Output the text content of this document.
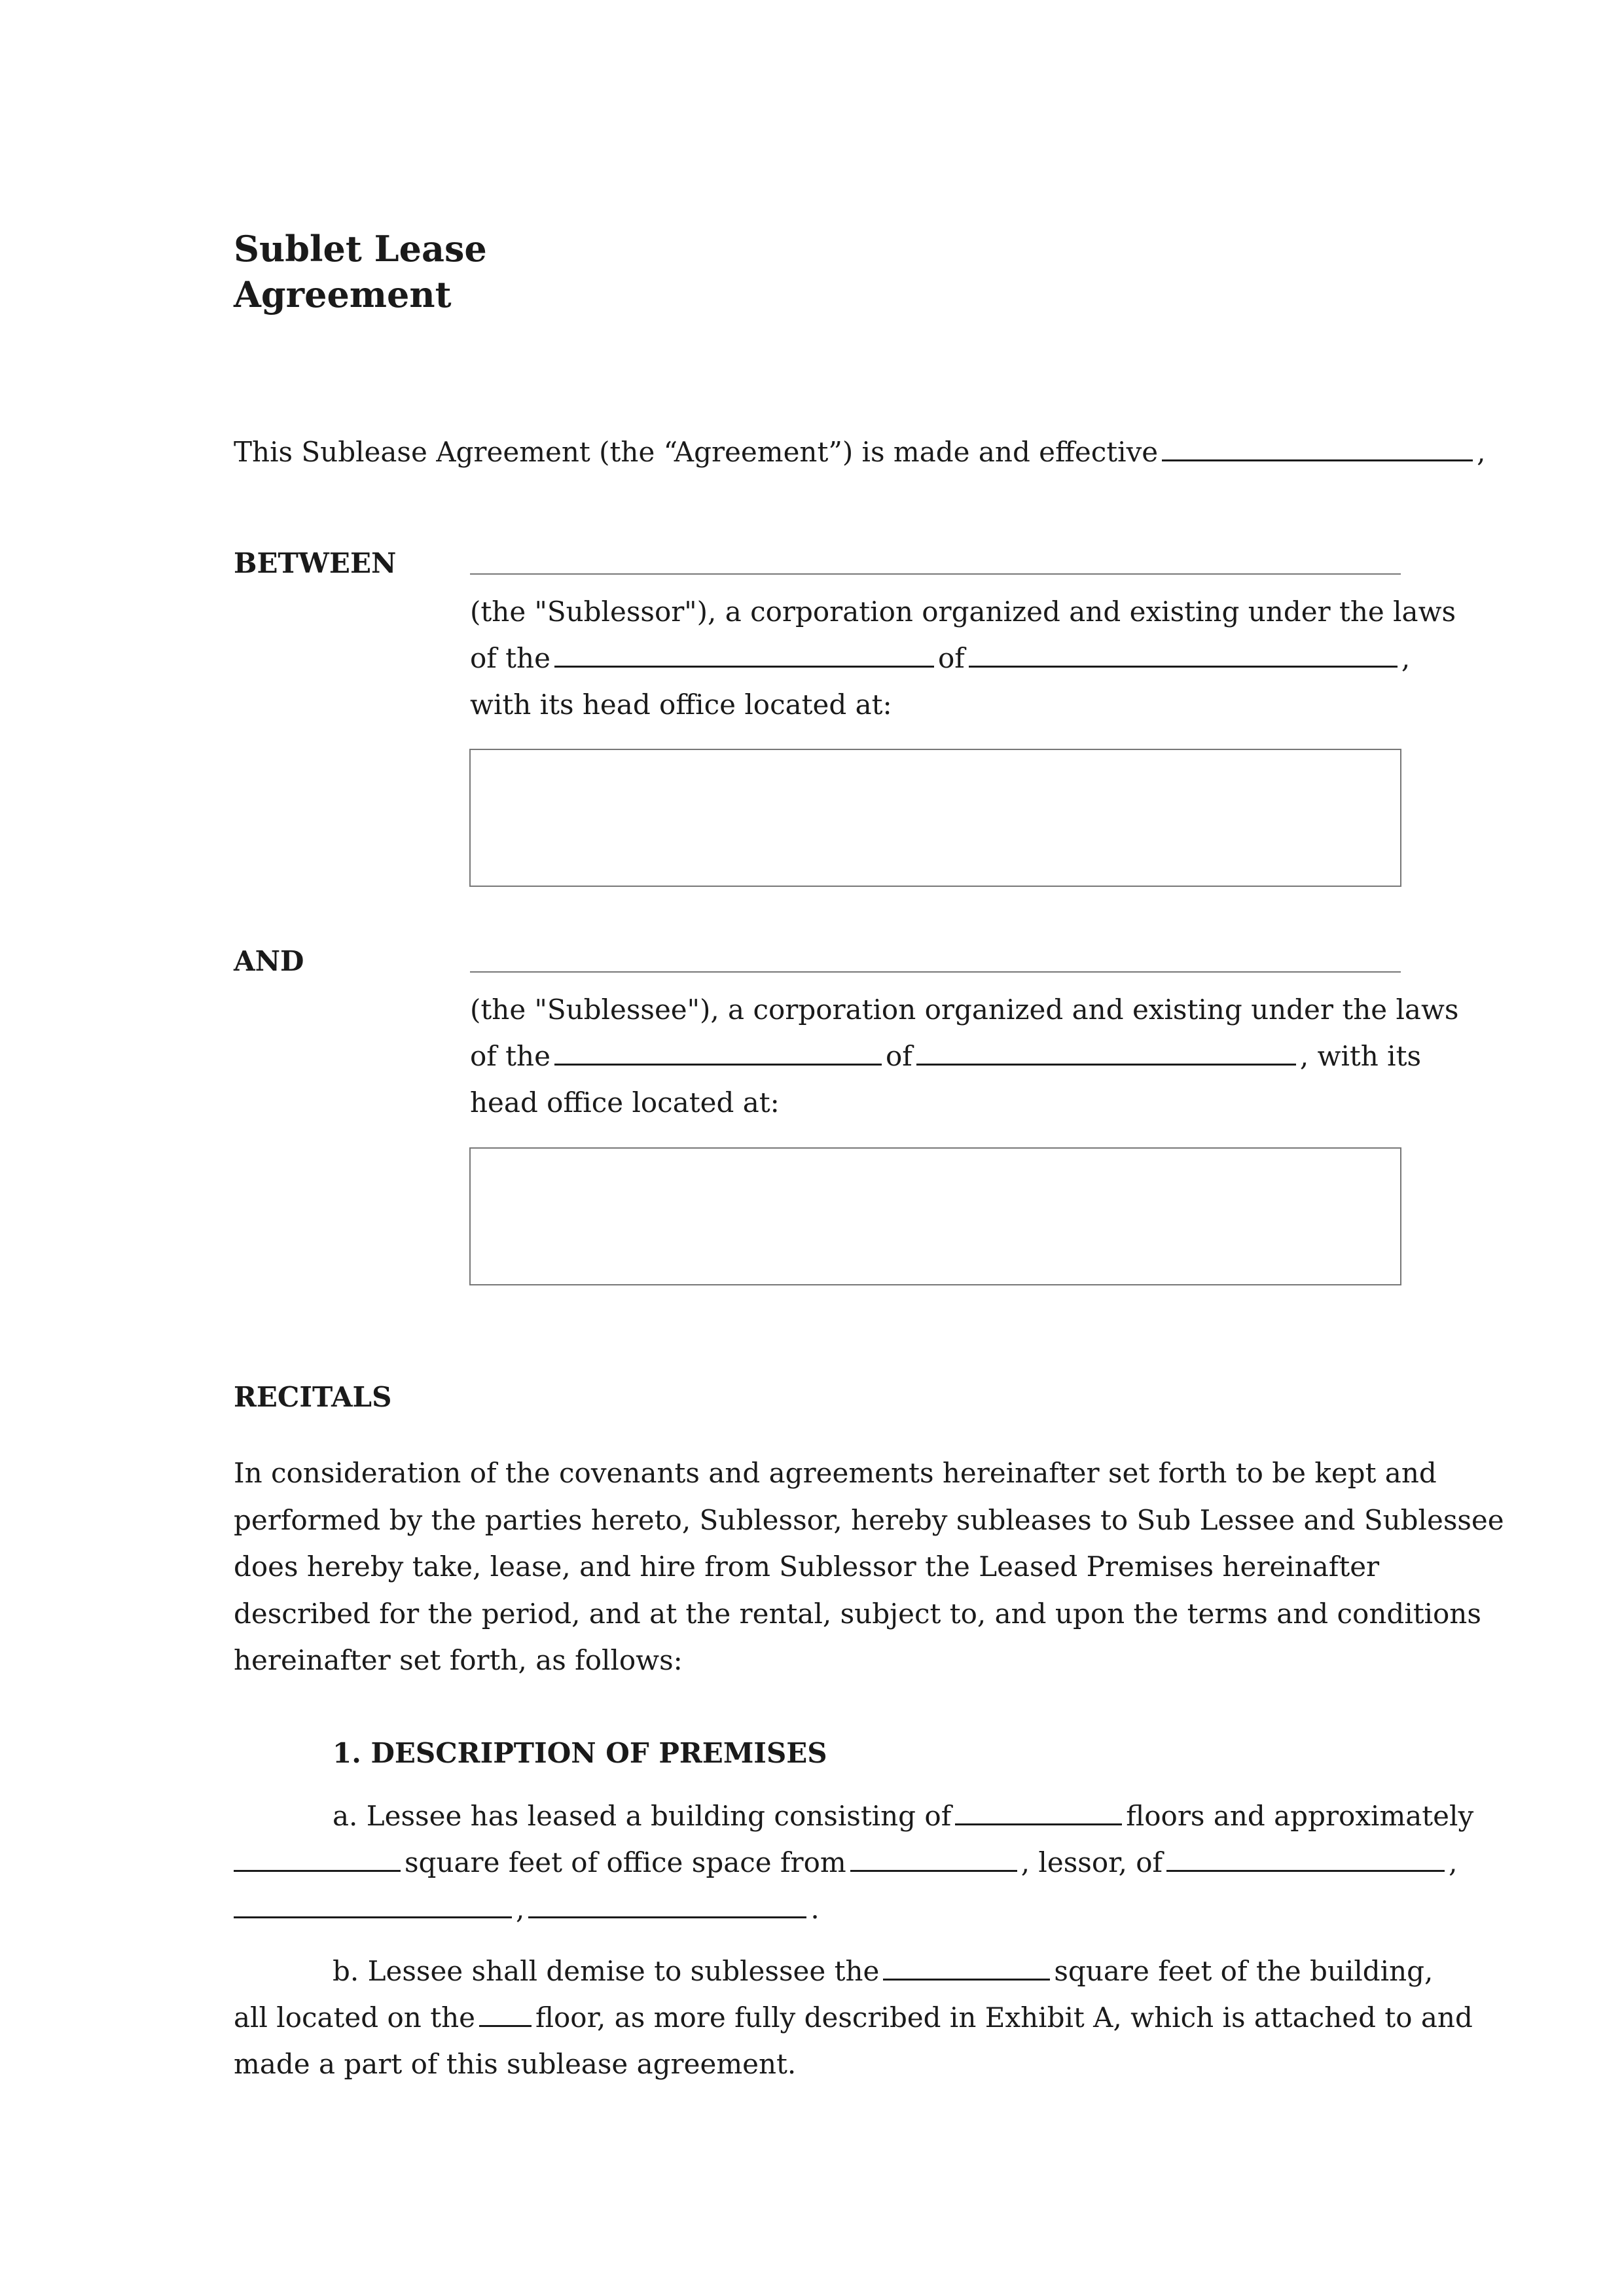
Sublet Lease
Agreement
This Sublease Agreement (the “Agreement”) is made and effective	,
BETWEEN
(the "Sublessor"), a corporation organized and existing under the laws
of the	of	,
with its head office located at:
AND
(the "Sublessee"), a corporation organized and existing under the laws
of the	of	, with its
head office located at:
RECITALS

In consideration of the covenants and agreements hereinafter set forth to be kept and

performed by the parties hereto, Sublessor, hereby subleases to Sub Lessee and Sublessee

does hereby take, lease, and hire from Sublessor the Leased Premises hereinafter

described for the period, and at the rental, subject to, and upon the terms and conditions

hereinafter set forth, as follows:

1. DESCRIPTION OF PREMISES
a. Lessee has leased a building consisting of	floors and approximately
square feet of office space from	, lessor, of	,
,	.
b. Lessee shall demise to sublessee the	square feet of the building,
all located on the floor, as more fully described in Exhibit A, which is attached to and
made a part of this sublease agreement.
